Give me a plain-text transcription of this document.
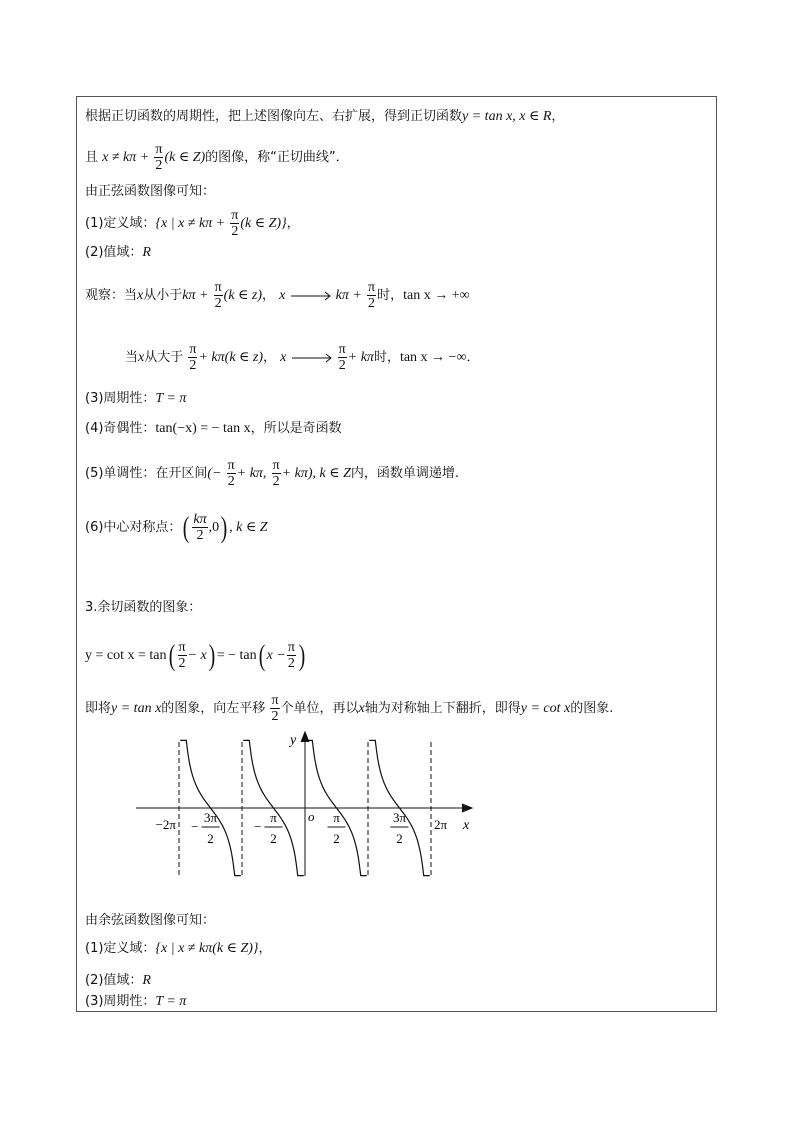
根据正切函数的周期性，把上述图像向左、右扩展，得到正切函数y = tan x, x ∈ R，
且 $x \ne k\pi + \frac{\pi}{2} (k$ ∈ Z)的图像，称“正切曲线”．
由正弦函数图像可知：
(1)定义域：{x | $x \ne k\pi + \frac{\pi}{2} (k$ ∈ Z)}，
(2)值域：R
观察：当x从小于$k\pi + \frac{\pi}{2} (k$ ∈ z)， x	$k\pi + \frac{\pi}{2}$ 时，tan x → +∞
当x从大于 $\frac{\pi}{2} + k\pi(k$ ∈ z)， x	$\frac{\pi}{2} + k\pi$时，tan x → −∞．
(3)周期性：T = π
(4)奇偶性：tan(−x) = − tan x，所以是奇函数
(5)单调性：在开区间(− $\frac{\pi}{2} + k\pi$, $\frac{\pi}{2} + k\pi$), k ∈ Z内，函数单调递增.
(6)中心对称点：( $\frac{k\pi}{2} ,0$) , k ∈ Z
3.余切函数的图象：
$y = \cot x = \tan( \frac{\pi}{2} - x)$ = − tan( $x - \frac{\pi}{2}$ )
即将y = tan x的图象，向左平移 $\frac{\pi}{2}$ 个单位，再以x轴为对称轴上下翻折，即得y = cot x的图象.
y
x
o
−2π 3π
2
−
π
2
−
π
2
3π
2
2π
由余弦函数图像可知：
(1)定义域：{x | x ≠ kπ(k ∈ Z)}，
(2)值域：R
(3)周期性：T = π
